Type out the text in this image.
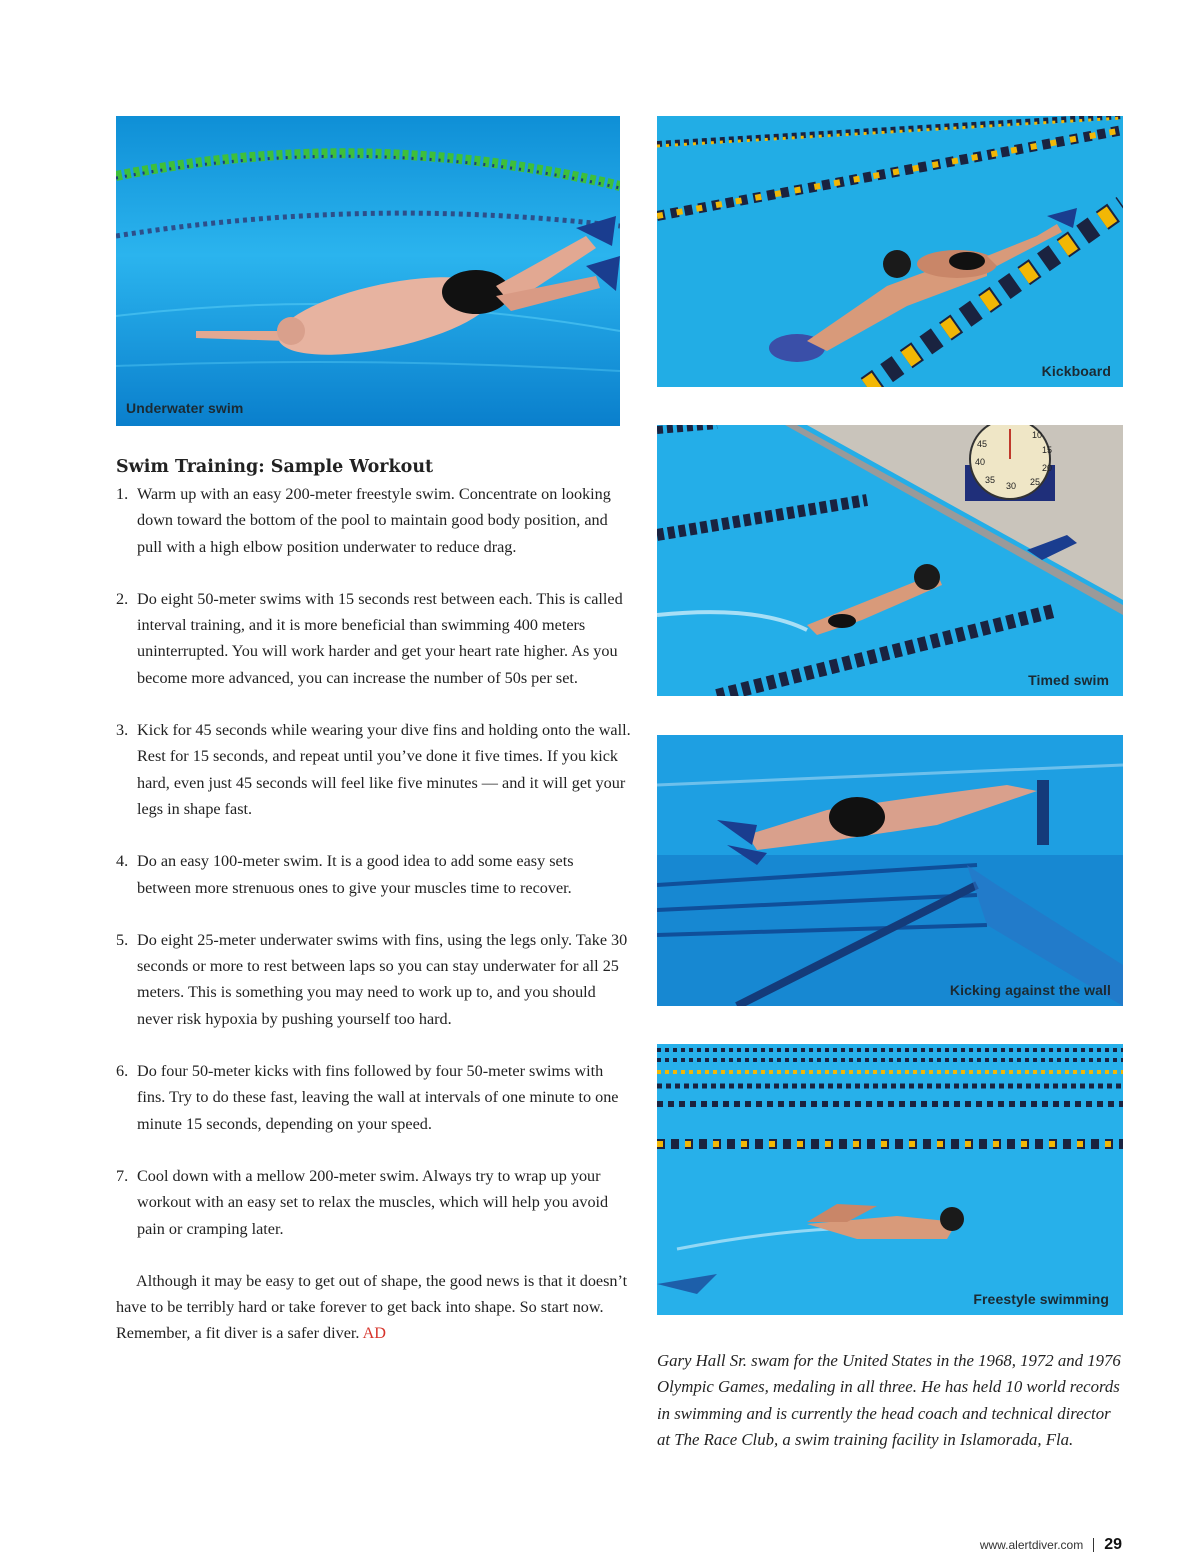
Underwater swim
Kickboard
10
15
20
25
30
35
40
45
Timed swim
Kicking against the wall
Freestyle swimming
Swim Training: Sample Workout
1. Warm up with an easy 200-meter freestyle swim. Concentrate on looking down toward the bottom of the pool to maintain good body position, and pull with a high elbow position underwater to reduce drag.
2. Do eight 50-meter swims with 15 seconds rest between each. This is called interval training, and it is more beneficial than swimming 400 meters uninterrupted. You will work harder and get your heart rate higher. As you become more advanced, you can increase the number of 50s per set.
3. Kick for 45 seconds while wearing your dive fins and holding onto the wall. Rest for 15 seconds, and repeat until you’ve done it five times. If you kick hard, even just 45 seconds will feel like five minutes — and it will get your legs in shape fast.
4. Do an easy 100-meter swim. It is a good idea to add some easy sets between more strenuous ones to give your muscles time to recover.
5. Do eight 25-meter underwater swims with fins, using the legs only. Take 30 seconds or more to rest between laps so you can stay underwater for all 25 meters. This is something you may need to work up to, and you should never risk hypoxia by pushing yourself too hard.
6. Do four 50-meter kicks with fins followed by four 50-meter swims with fins. Try to do these fast, leaving the wall at intervals of one minute to one minute 15 seconds, depending on your speed.
7. Cool down with a mellow 200-meter swim. Always try to wrap up your workout with an easy set to relax the muscles, which will help you avoid pain or cramping later.

Although it may be easy to get out of shape, the good news is that it doesn’t have to be terribly hard or take forever to get back into shape. So start now. Remember, a fit diver is a safer diver. AD

Gary Hall Sr. swam for the United States in the 1968, 1972 and 1976 Olympic Games, medaling in all three. He has held 10 world records in swimming and is currently the head coach and technical director at The Race Club, a swim training facility in Islamorada, Fla.

www.alertdiver.com 29
